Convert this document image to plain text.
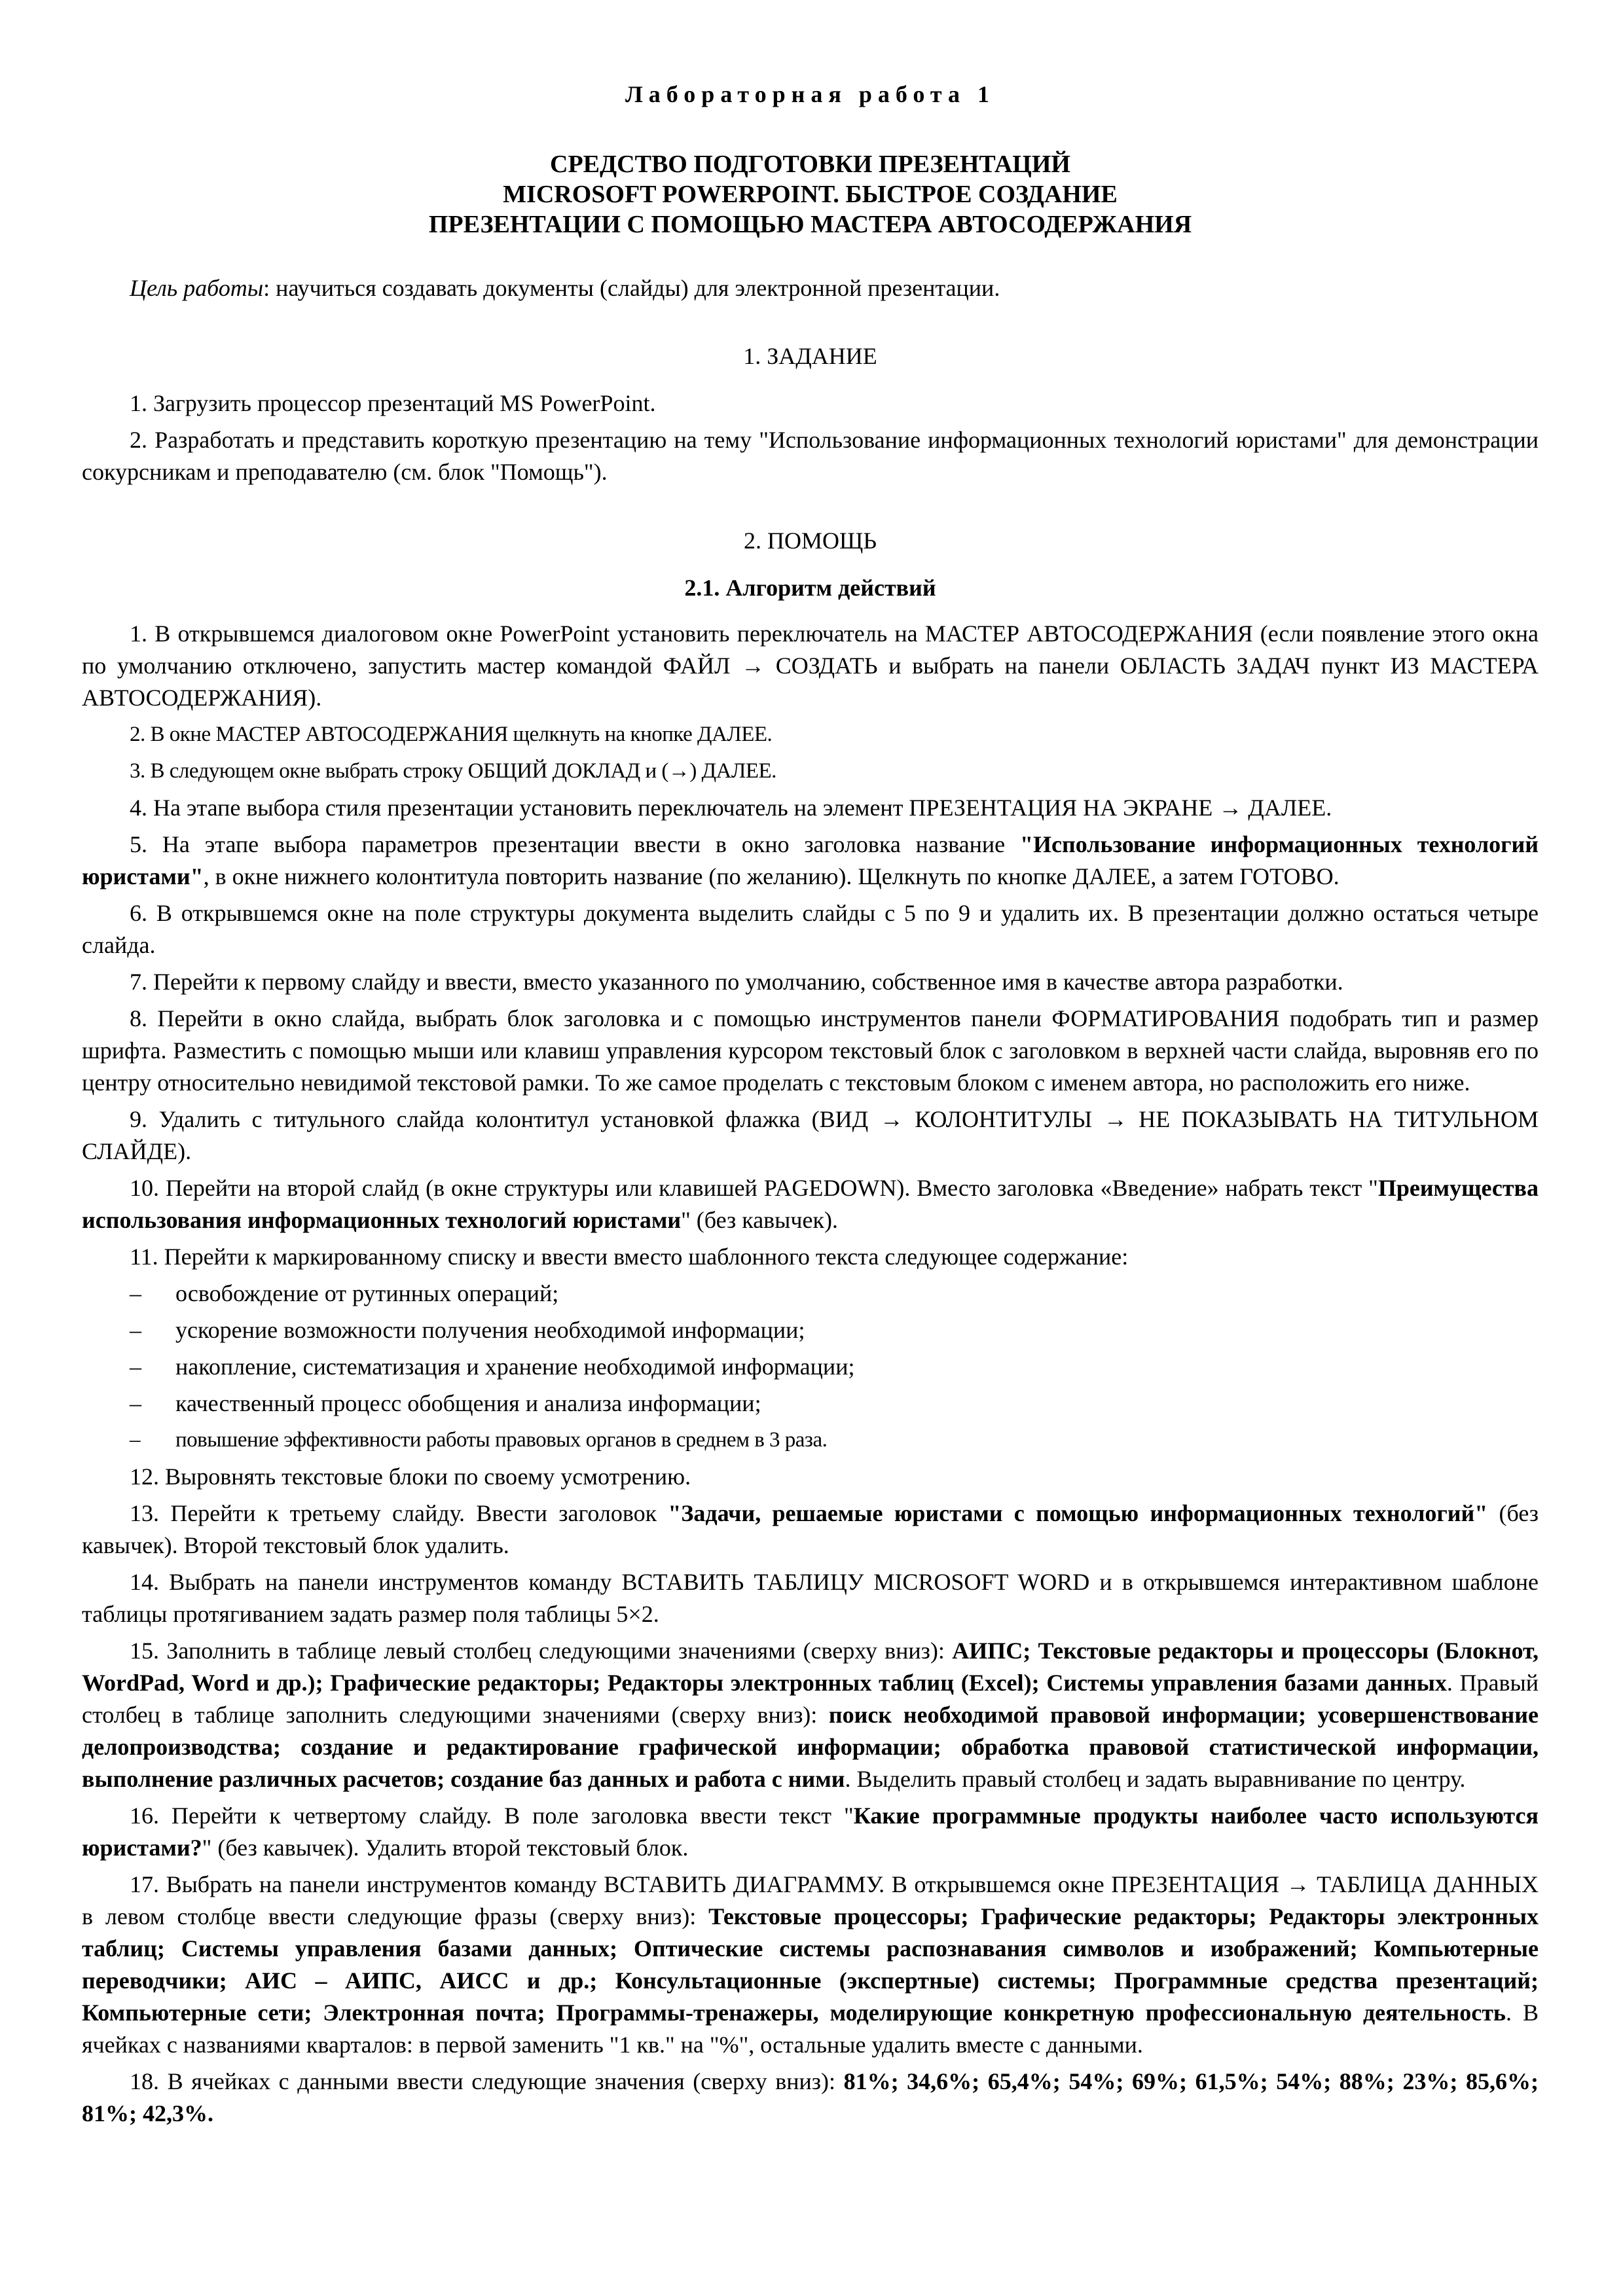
Лабораторная работа 1
СРЕДСТВО ПОДГОТОВКИ ПРЕЗЕНТАЦИЙ
MICROSOFT POWERPOINT. БЫСТРОЕ СОЗДАНИЕ
ПРЕЗЕНТАЦИИ С ПОМОЩЬЮ МАСТЕРА АВТОСОДЕРЖАНИЯ
Цель работы: научиться создавать документы (слайды) для электронной презентации.
1. ЗАДАНИЕ
1. Загрузить процессор презентаций MS PowerPoint.
2. Разработать и представить короткую презентацию на тему "Использование информационных технологий юристами" для демонстрации сокурсникам и преподавателю (см. блок "Помощь").
2. ПОМОЩЬ
2.1. Алгоритм действий
1. В открывшемся диалоговом окне PowerPoint установить переключатель на МАСТЕР АВТОСОДЕРЖАНИЯ (если появление этого окна по умолчанию отключено, запустить мастер командой ФАЙЛ → СОЗДАТЬ и выбрать на панели ОБЛАСТЬ ЗАДАЧ пункт ИЗ МАСТЕРА АВТОСОДЕРЖАНИЯ).
2. В окне МАСТЕР АВТОСОДЕРЖАНИЯ щелкнуть на кнопке ДАЛЕЕ.
3. В следующем окне выбрать строку ОБЩИЙ ДОКЛАД и (→) ДАЛЕЕ.
4. На этапе выбора стиля презентации установить переключатель на элемент ПРЕЗЕНТАЦИЯ НА ЭКРАНЕ → ДАЛЕЕ.
5. На этапе выбора параметров презентации ввести в окно заголовка название "Использование информационных технологий юристами", в окне нижнего колонтитула повторить название (по желанию). Щелкнуть по кнопке ДАЛЕЕ, а затем ГОТОВО.
6. В открывшемся окне на поле структуры документа выделить слайды с 5 по 9 и удалить их. В презентации должно остаться четыре слайда.
7. Перейти к первому слайду и ввести, вместо указанного по умолчанию, собственное имя в качестве автора разработки.
8. Перейти в окно слайда, выбрать блок заголовка и с помощью инструментов панели ФОРМАТИРОВАНИЯ подобрать тип и размер шрифта. Разместить с помощью мыши или клавиш управления курсором текстовый блок с заголовком в верхней части слайда, выровняв его по центру относительно невидимой текстовой рамки. То же самое проделать с текстовым блоком с именем автора, но расположить его ниже.
9. Удалить с титульного слайда колонтитул установкой флажка (ВИД → КОЛОНТИТУЛЫ → НЕ ПОКАЗЫВАТЬ НА ТИТУЛЬНОМ СЛАЙДЕ).
10. Перейти на второй слайд (в окне структуры или клавишей PAGEDOWN). Вместо заголовка «Введение» набрать текст "Преимущества использования информационных технологий юристами" (без кавычек).
11. Перейти к маркированному списку и ввести вместо шаблонного текста следующее содержание:
– освобождение от рутинных операций;
– ускорение возможности получения необходимой информации;
– накопление, систематизация и хранение необходимой информации;
– качественный процесс обобщения и анализа информации;
– повышение эффективности работы правовых органов в среднем в 3 раза.
12. Выровнять текстовые блоки по своему усмотрению.
13. Перейти к третьему слайду. Ввести заголовок "Задачи, решаемые юристами с помощью информационных технологий" (без кавычек). Второй текстовый блок удалить.
14. Выбрать на панели инструментов команду ВСТАВИТЬ ТАБЛИЦУ MICROSOFT WORD и в открывшемся интерактивном шаблоне таблицы протягиванием задать размер поля таблицы 5×2.
15. Заполнить в таблице левый столбец следующими значениями (сверху вниз): АИПС; Текстовые редакторы и процессоры (Блокнот, WordPad, Word и др.); Графические редакторы; Редакторы электронных таблиц (Excel); Системы управления базами данных. Правый столбец в таблице заполнить следующими значениями (сверху вниз): поиск необходимой правовой информации; усовершенствование делопроизводства; создание и редактирование графической информации; обработка правовой статистической информации, выполнение различных расчетов; создание баз данных и работа с ними. Выделить правый столбец и задать выравнивание по центру.
16. Перейти к четвертому слайду. В поле заголовка ввести текст "Какие программные продукты наиболее часто используются юристами?" (без кавычек). Удалить второй текстовый блок.
17. Выбрать на панели инструментов команду ВСТАВИТЬ ДИАГРАММУ. В открывшемся окне ПРЕЗЕНТАЦИЯ → ТАБЛИЦА ДАННЫХ в левом столбце ввести следующие фразы (сверху вниз): Текстовые процессоры; Графические редакторы; Редакторы электронных таблиц; Системы управления базами данных; Оптические системы распознавания символов и изображений; Компьютерные переводчики; АИС – АИПС, АИСС и др.; Консультационные (экспертные) системы; Программные средства презентаций; Компьютерные сети; Электронная почта; Программы-тренажеры, моделирующие конкретную профессиональную деятельность. В ячейках с названиями кварталов: в первой заменить "1 кв." на "%", остальные удалить вместе с данными.
18. В ячейках с данными ввести следующие значения (сверху вниз): 81%; 34,6%; 65,4%; 54%; 69%; 61,5%; 54%; 88%; 23%; 85,6%; 81%; 42,3%.
